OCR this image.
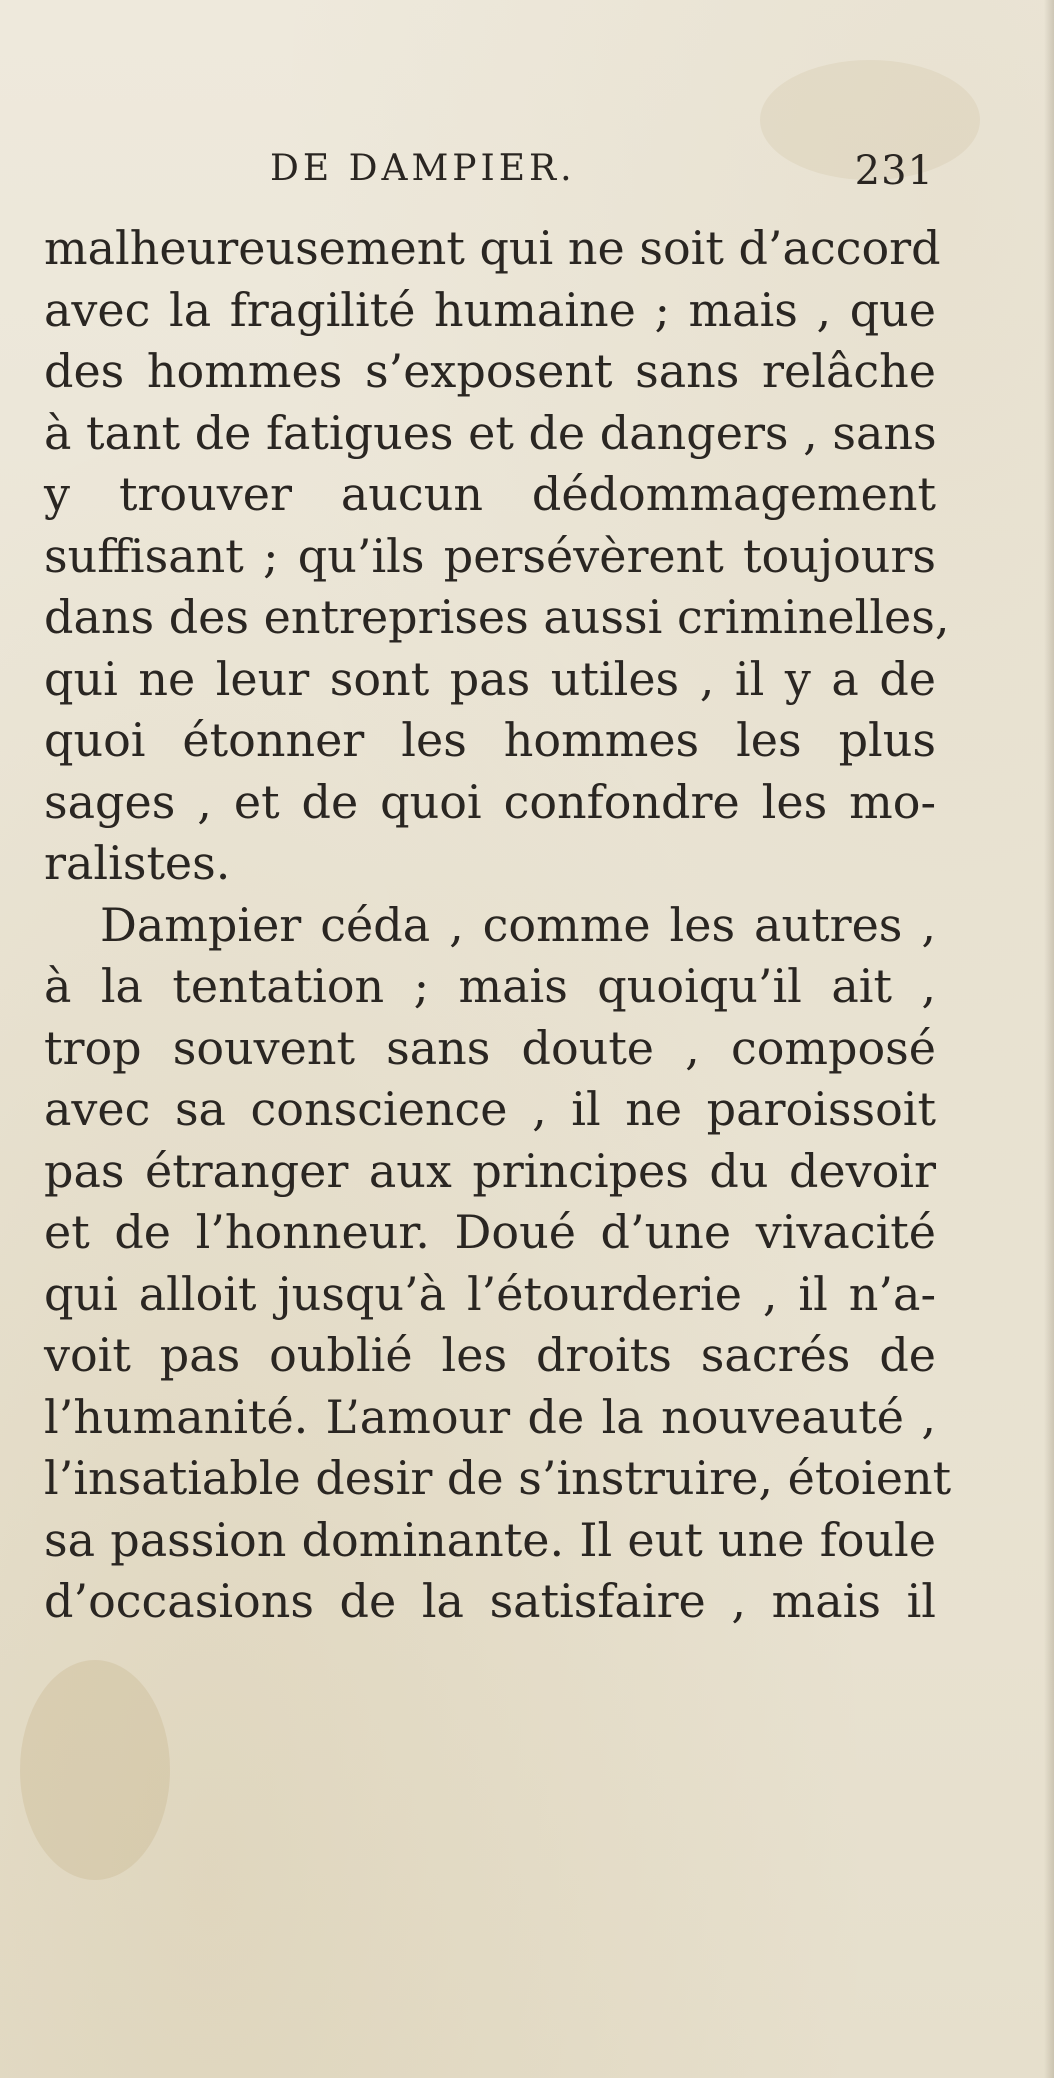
DE DAMPIER.	231
malheureusement qui ne soit d’accord
avec la fragilité humaine ; mais , que
des hommes s’exposent sans relâche
à tant de fatigues et de dangers , sans
y trouver aucun dédommagement
suffisant ; qu’ils persévèrent toujours
dans des entreprises aussi criminelles,
qui ne leur sont pas utiles , il y a de
quoi étonner les hommes les plus
sages , et de quoi confondre les mo-
ralistes.
Dampier céda , comme les autres ,
à la tentation ; mais quoiqu’il ait ,
trop souvent sans doute , composé
avec sa conscience , il ne paroissoit
pas étranger aux principes du devoir
et de l’honneur. Doué d’une vivacité
qui alloit jusqu’à l’étourderie , il n’a-
voit pas oublié les droits sacrés de
l’humanité. L’amour de la nouveauté ,
l’insatiable desir de s’instruire, étoient
sa passion dominante. Il eut une foule
d’occasions de la satisfaire , mais il
